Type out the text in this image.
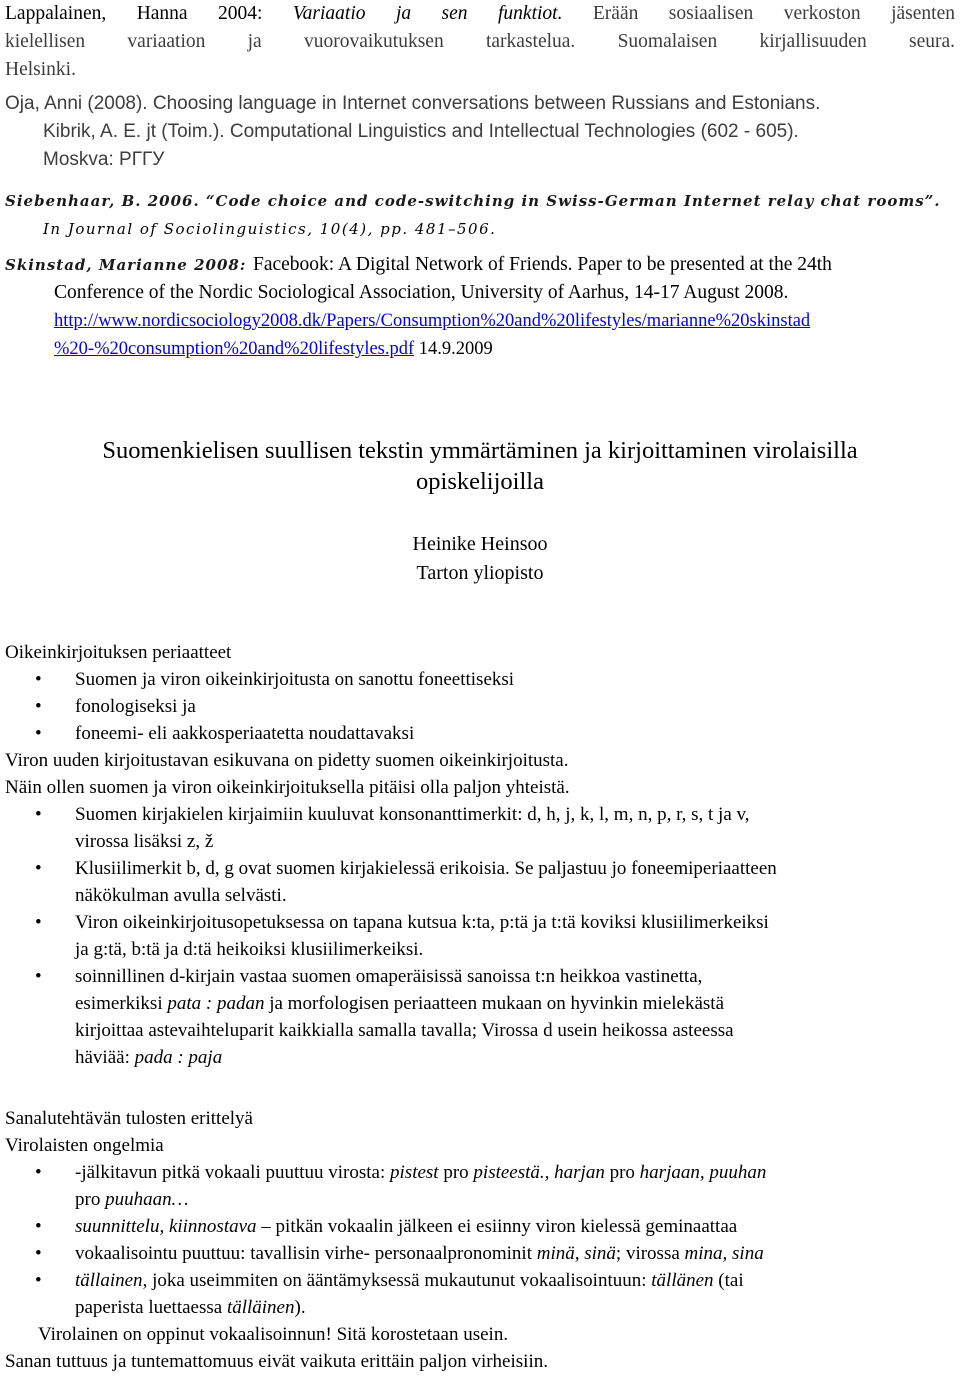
Lappalainen, Hanna 2004: Variaatio ja sen funktiot. Erään sosiaalisen verkoston jäsenten
kielellisen variaation ja vuorovaikutuksen tarkastelua. Suomalaisen kirjallisuuden seura.
Helsinki.
Oja, Anni (2008). Choosing language in Internet conversations between Russians and Estonians.
Kibrik, A. E. jt (Toim.). Computational Linguistics and Intellectual Technologies (602 - 605).
Moskva: РГГУ
Siebenhaar, B. 2006. “Code choice and code-switching in Swiss-German Internet relay chat rooms”.
In Journal of Sociolinguistics, 10(4), pp. 481–506.
Skinstad, Marianne 2008: Facebook: A Digital Network of Friends. Paper to be presented at the 24th
Conference of the Nordic Sociological Association, University of Aarhus, 14-17 August 2008.
http://www.nordicsociology2008.dk/Papers/Consumption%20and%20lifestyles/marianne%20skinstad
%20-%20consumption%20and%20lifestyles.pdf 14.9.2009
Suomenkielisen suullisen tekstin ymmärtäminen ja kirjoittaminen virolaisilla
opiskelijoilla
Heinike Heinsoo
Tarton yliopisto
Oikeinkirjoituksen periaatteet
• Suomen ja viron oikeinkirjoitusta on sanottu foneettiseksi
• fonologiseksi ja
• foneemi- eli aakkosperiaatetta noudattavaksi
Viron uuden kirjoitustavan esikuvana on pidetty suomen oikeinkirjoitusta.
Näin ollen suomen ja viron oikeinkirjoituksella pitäisi olla paljon yhteistä.
• Suomen kirjakielen kirjaimiin kuuluvat konsonanttimerkit: d, h, j, k, l, m, n, p, r, s, t ja v,
virossa lisäksi z, ž
• Klusiilimerkit b, d, g ovat suomen kirjakielessä erikoisia. Se paljastuu jo foneemiperiaatteen
näkökulman avulla selvästi.
• Viron oikeinkirjoitusopetuksessa on tapana kutsua k:ta, p:tä ja t:tä koviksi klusiilimerkeiksi
ja g:tä, b:tä ja d:tä heikoiksi klusiilimerkeiksi.
• soinnillinen d-kirjain vastaa suomen omaperäisissä sanoissa t:n heikkoa vastinetta,
esimerkiksi pata : padan ja morfologisen periaatteen mukaan on hyvinkin mielekästä
kirjoittaa astevaihteluparit kaikkialla samalla tavalla; Virossa d usein heikossa asteessa
häviää: pada : paja
Sanalutehtävän tulosten erittelyä
Virolaisten ongelmia
• -jälkitavun pitkä vokaali puuttuu virosta: pistest pro pisteestä., harjan pro harjaan, puuhan
pro puuhaan…
• suunnittelu, kiinnostava – pitkän vokaalin jälkeen ei esiinny viron kielessä geminaattaa
• vokaalisointu puuttuu: tavallisin virhe- personaalpronominit minä, sinä; virossa mina, sina
• tällainen, joka useimmiten on ääntämyksessä mukautunut vokaalisointuun: tällänen (tai
paperista luettaessa tälläinen).
Virolainen on oppinut vokaalisoinnun! Sitä korostetaan usein.
Sanan tuttuus ja tuntemattomuus eivät vaikuta erittäin paljon virheisiin.
